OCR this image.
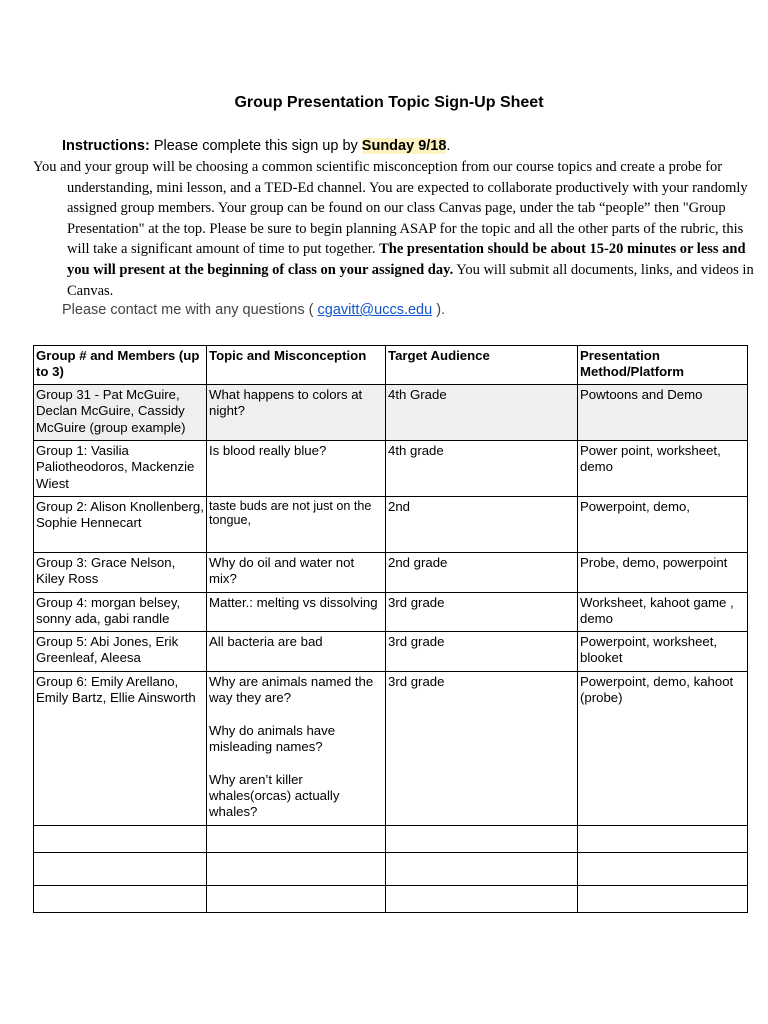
Group Presentation Topic Sign-Up Sheet
Instructions: Please complete this sign up by Sunday 9/18.
You and your group will be choosing a common scientific misconception from our course topics and create a probe for understanding, mini lesson, and a TED-Ed channel. You are expected to collaborate productively with your randomly assigned group members. Your group can be found on our class Canvas page, under the tab “people” then "Group Presentation" at the top. Please be sure to begin planning ASAP for the topic and all the other parts of the rubric, this will take a significant amount of time to put together. The presentation should be about 15-20 minutes or less and you will present at the beginning of class on your assigned day. You will submit all documents, links, and videos in Canvas.
Please contact me with any questions ( cgavitt@uccs.edu ).
Group # and Members (up to 3)	Topic and Misconception	Target Audience	Presentation Method/Platform
Group 31 - Pat McGuire, Declan McGuire, Cassidy McGuire (group example)	What happens to colors at night?	4th Grade	Powtoons and Demo
Group 1: Vasilia Paliotheodoros, Mackenzie Wiest	Is blood really blue?	4th grade	Power point, worksheet, demo
Group 2: Alison Knollenberg, Sophie Hennecart	taste buds are not just on the tongue,	2nd	Powerpoint, demo,
Group 3: Grace Nelson, Kiley Ross	Why do oil and water not mix?	2nd grade	Probe, demo, powerpoint
Group 4: morgan belsey, sonny ada, gabi randle	Matter.: melting vs dissolving	3rd grade	Worksheet, kahoot game , demo
Group 5: Abi Jones, Erik Greenleaf, Aleesa	All bacteria are bad	3rd grade	Powerpoint, worksheet, blooket
Group 6: Emily Arellano, Emily Bartz, Ellie Ainsworth	Why are animals named the way they are?

Why do animals have misleading names?

Why aren’t killer whales(orcas) actually whales?	3rd grade	Powerpoint, demo, kahoot (probe)
